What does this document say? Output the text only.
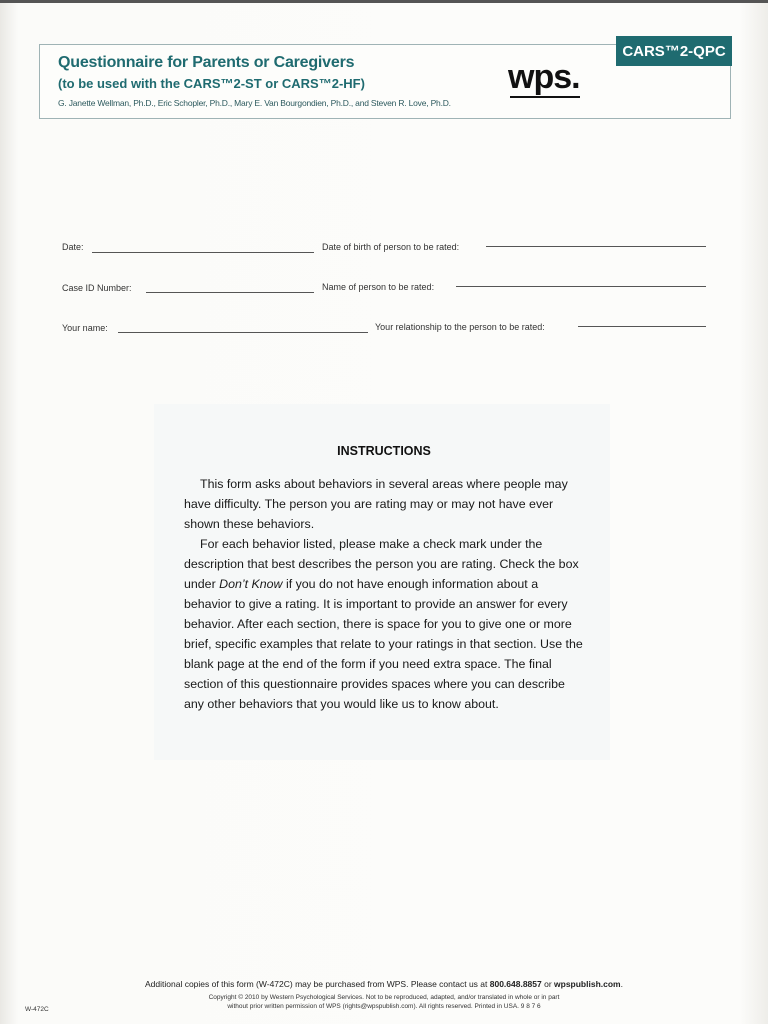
Questionnaire for Parents or Caregivers
(to be used with the CARS™2-ST or CARS™2-HF)
G. Janette Wellman, Ph.D., Eric Schopler, Ph.D., Mary E. Van Bourgondien, Ph.D., and Steven R. Love, Ph.D.
wps.
CARS™2-QPC
Date:	Date of birth of person to be rated:
Case ID Number:	Name of person to be rated:
Your name:	Your relationship to the person to be rated:
INSTRUCTIONS

This form asks about behaviors in several areas where people may have difficulty. The person you are rating may or may not have ever shown these behaviors.

For each behavior listed, please make a check mark under the description that best describes the person you are rating. Check the box under Don’t Know if you do not have enough information about a behavior to give a rating. It is important to provide an answer for every behavior. After each section, there is space for you to give one or more brief, specific examples that relate to your ratings in that section. Use the blank page at the end of the form if you need extra space. The final section of this questionnaire provides spaces where you can describe any other behaviors that you would like us to know about.

Additional copies of this form (W-472C) may be purchased from WPS. Please contact us at 800.648.8857 or wpspublish.com.
Copyright © 2010 by Western Psychological Services. Not to be reproduced, adapted, and/or translated in whole or in part
without prior written permission of WPS (rights@wpspublish.com). All rights reserved. Printed in USA. 9 8 7 6
W-472C
